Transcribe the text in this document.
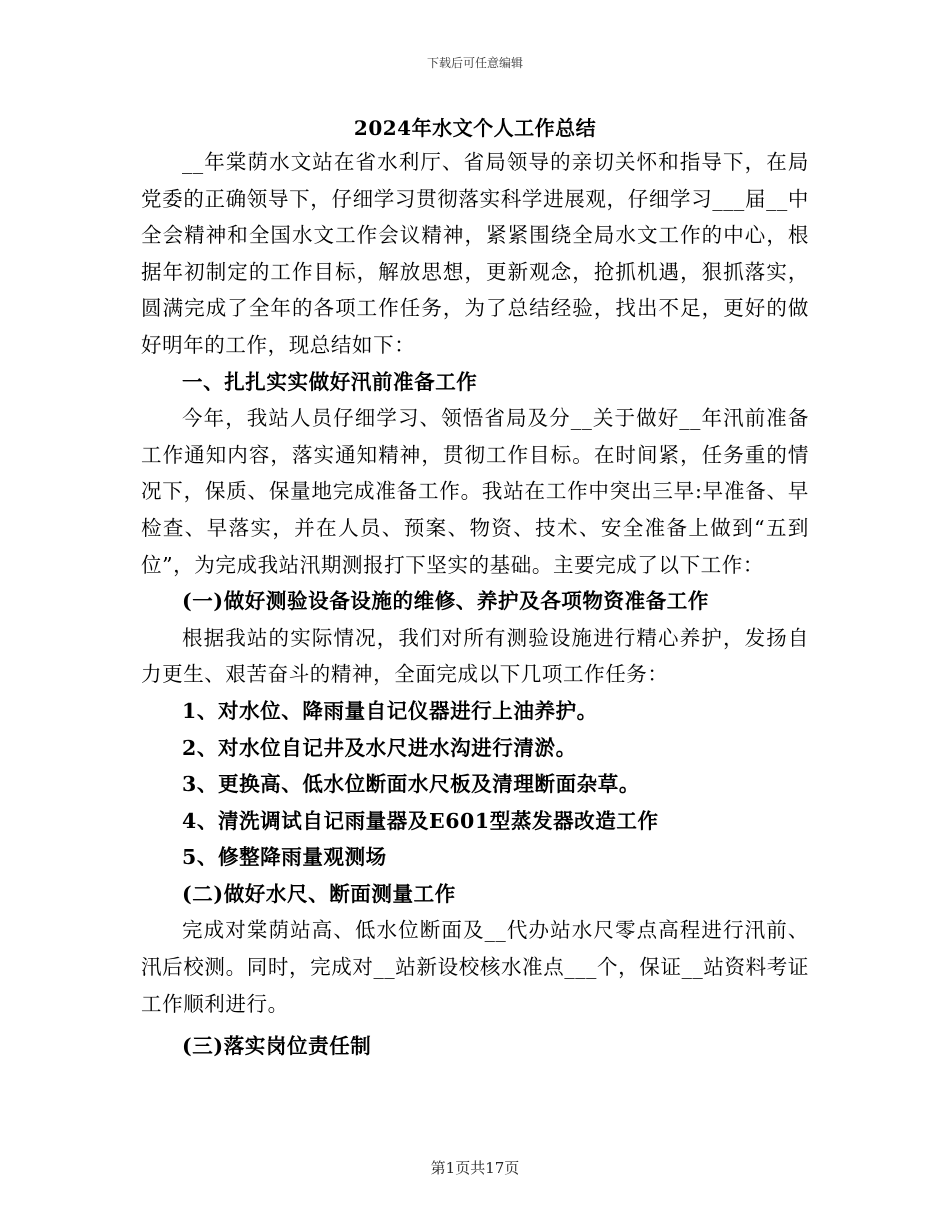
下载后可任意编辑
2024年水文个人工作总结

__年棠荫水文站在省水利厅、省局领导的亲切关怀和指导下，在局党委的正确领导下，仔细学习贯彻落实科学进展观，仔细学习___届__中全会精神和全国水文工作会议精神，紧紧围绕全局水文工作的中心，根据年初制定的工作目标，解放思想，更新观念，抢抓机遇，狠抓落实，圆满完成了全年的各项工作任务，为了总结经验，找出不足，更好的做好明年的工作，现总结如下：

一、扎扎实实做好汛前准备工作

今年，我站人员仔细学习、领悟省局及分__关于做好__年汛前准备工作通知内容，落实通知精神，贯彻工作目标。在时间紧，任务重的情况下，保质、保量地完成准备工作。我站在工作中突出三早:早准备、早检查、早落实，并在人员、预案、物资、技术、安全准备上做到“五到位”，为完成我站汛期测报打下坚实的基础。主要完成了以下工作：

(一)做好测验设备设施的维修、养护及各项物资准备工作

根据我站的实际情况，我们对所有测验设施进行精心养护，发扬自力更生、艰苦奋斗的精神，全面完成以下几项工作任务：

1、对水位、降雨量自记仪器进行上油养护。
2、对水位自记井及水尺进水沟进行清淤。
3、更换高、低水位断面水尺板及清理断面杂草。
4、清洗调试自记雨量器及E601型蒸发器改造工作
5、修整降雨量观测场
(二)做好水尺、断面测量工作

完成对棠荫站高、低水位断面及__代办站水尺零点高程进行汛前、汛后校测。同时，完成对__站新设校核水准点___个，保证__站资料考证工作顺利进行。

(三)落实岗位责任制
第1页共17页
